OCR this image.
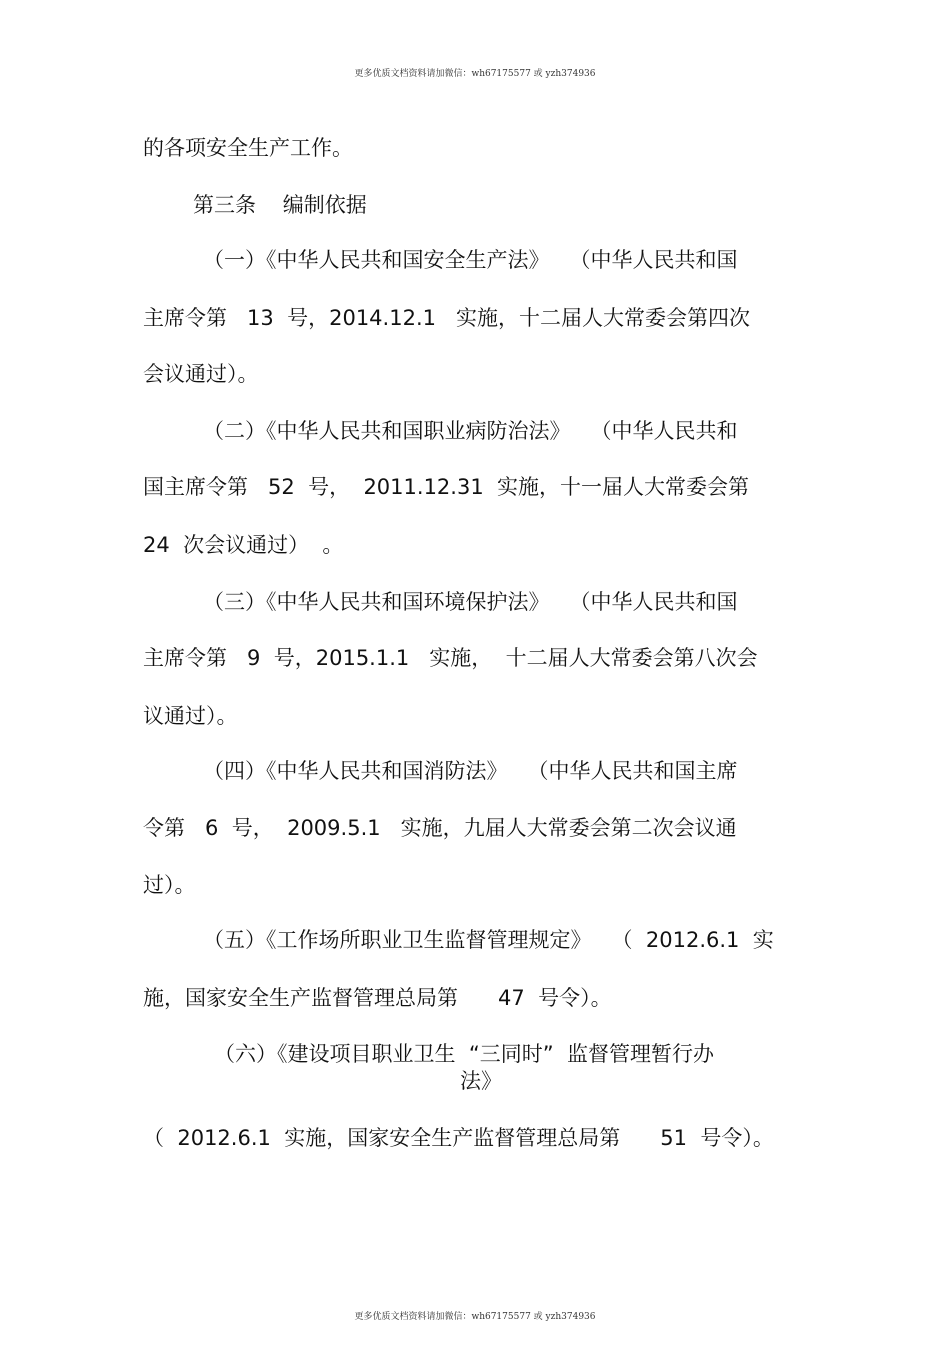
更多优质文档资料请加微信：wh67175577 或 yzh374936
的各项安全生产工作。
第三条    编制依据
（一）《中华人民共和国安全生产法》   （中华人民共和国
主席令第   13  号，2014.12.1   实施，十二届人大常委会第四次
会议通过）。
（二）《中华人民共和国职业病防治法》   （中华人民共和
国主席令第   52  号，  2011.12.31  实施，十一届人大常委会第
24  次会议通过）  。
（三）《中华人民共和国环境保护法》   （中华人民共和国
主席令第   9  号，2015.1.1   实施，  十二届人大常委会第八次会
议通过）。
（四）《中华人民共和国消防法》   （中华人民共和国主席
令第   6  号，  2009.5.1   实施，九届人大常委会第二次会议通
过）。
（五）《工作场所职业卫生监督管理规定》   （  2012.6.1  实
施，国家安全生产监督管理总局第      47  号令）。
（六）《建设项目职业卫生  “三同时”  监督管理暂行办
法》
（  2012.6.1  实施，国家安全生产监督管理总局第      51  号令）。
更多优质文档资料请加微信：wh67175577 或 yzh374936
